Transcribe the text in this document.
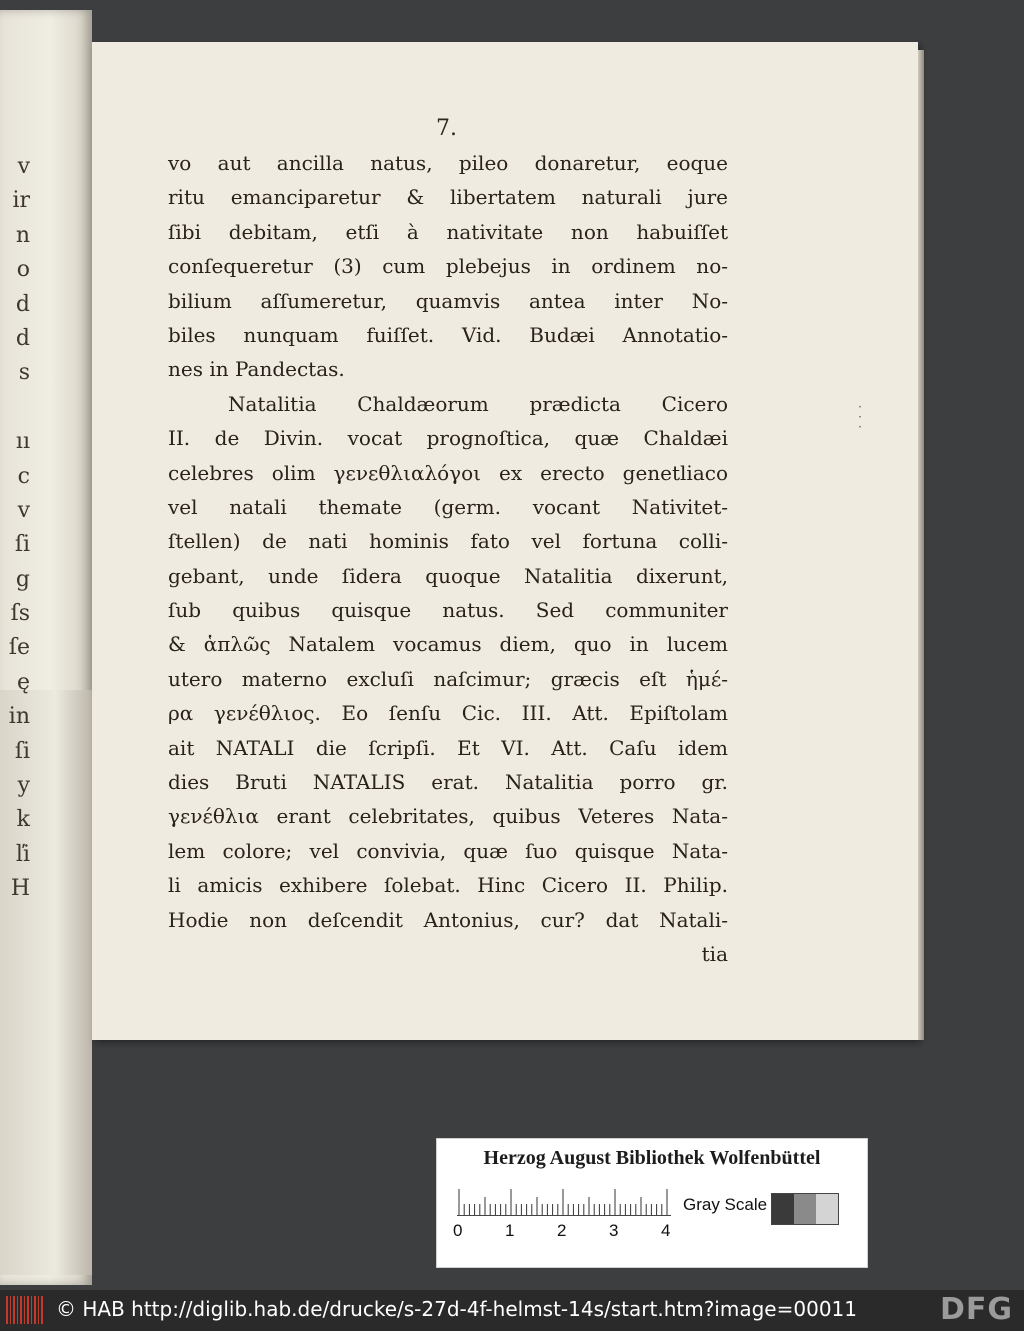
v
ir
n
o
d
d
s
ıı
c
v
ſi
g
ſs
ſe
ę
in
ſi
y
k
ľi
H
7.
·
·
·
vo aut ancilla natus, pileo donaretur, eoque
ritu emanciparetur & libertatem naturali jure
ſibi debitam, etſi à nativitate non habuiſſet
conſequeretur (3) cum plebejus in ordinem no-
bilium aſſumeretur, quamvis antea inter No-
biles nunquam fuiſſet. Vid. Budæi Annotatio-
nes in Pandectas.
Natalitia Chaldæorum prædicta Cicero
II. de Divin. vocat prognoſtica, quæ Chaldæi
celebres olim γενεθλιαλόγοι ex erecto genetliaco
vel natali themate (germ. vocant Nativitet-
ſtellen) de nati hominis fato vel fortuna colli-
gebant, unde ſidera quoque Natalitia dixerunt,
ſub quibus quisque natus. Sed communiter
& ἁπλῶς Natalem vocamus diem, quo in lucem
utero materno excluſi naſcimur; græcis eſt ἡμέ-
ρα γενέθλιος. Eo ſenſu Cic. III. Att. Epiſtolam
ait NATALI die ſcripſi. Et VI. Att. Caſu idem
dies Bruti NATALIS erat. Natalitia porro gr.
γενέθλια erant celebritates, quibus Veteres Nata-
lem colore; vel convivia, quæ ſuo quisque Nata-
li amicis exhibere ſolebat. Hinc Cicero II. Philip.
Hodie non deſcendit Antonius, cur? dat Natali-
tia
Herzog August Bibliothek Wolfenbüttel
0	1	2	3	4
Gray Scale
© HAB http://diglib.hab.de/drucke/s-27d-4f-helmst-14s/start.htm?image=00011	DFG
